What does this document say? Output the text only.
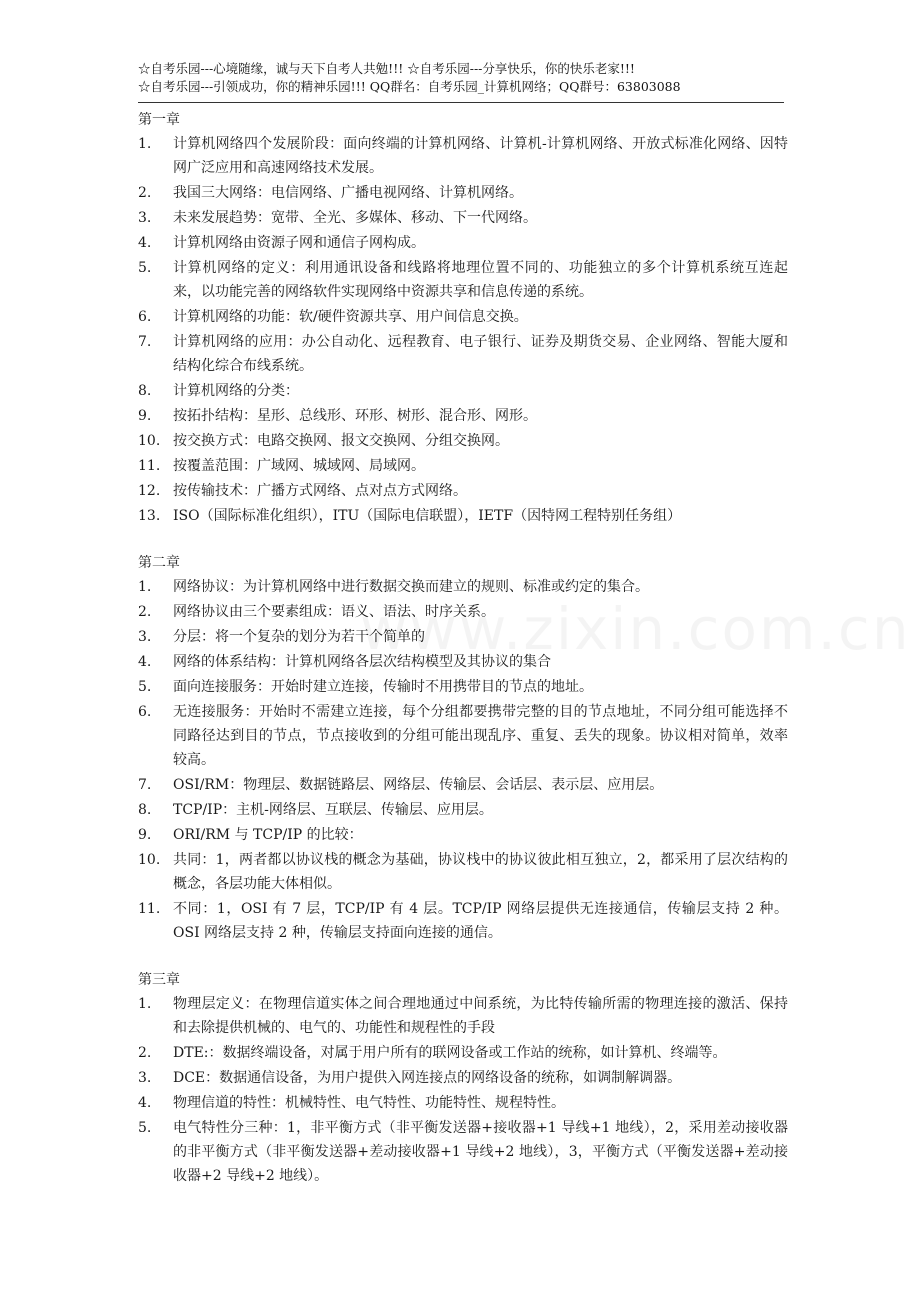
☆自考乐园---心境随缘，诚与天下自考人共勉!!! ☆自考乐园---分享快乐，你的快乐老家!!!
☆自考乐园---引领成功，你的精神乐园!!! QQ群名：自考乐园_计算机网络；QQ群号：63803088
第一章
1.	计算机网络四个发展阶段：面向终端的计算机网络、计算机-计算机网络、开放式标准化网络、因特网广泛应用和高速网络技术发展。
2.	我国三大网络：电信网络、广播电视网络、计算机网络。
3.	未来发展趋势：宽带、全光、多媒体、移动、下一代网络。
4.	计算机网络由资源子网和通信子网构成。
5.	计算机网络的定义：利用通讯设备和线路将地理位置不同的、功能独立的多个计算机系统互连起来，以功能完善的网络软件实现网络中资源共享和信息传递的系统。
6.	计算机网络的功能：软/硬件资源共享、用户间信息交换。
7.	计算机网络的应用：办公自动化、远程教育、电子银行、证券及期货交易、企业网络、智能大厦和结构化综合布线系统。
8.	计算机网络的分类：
9.	按拓扑结构：星形、总线形、环形、树形、混合形、网形。
10. 按交换方式：电路交换网、报文交换网、分组交换网。
11. 按覆盖范围：广域网、城域网、局域网。
12. 按传输技术：广播方式网络、点对点方式网络。
13. ISO（国际标准化组织），ITU（国际电信联盟），IETF（因特网工程特别任务组）
第二章
1.	网络协议：为计算机网络中进行数据交换而建立的规则、标准或约定的集合。
2.	网络协议由三个要素组成：语义、语法、时序关系。
3.	分层：将一个复杂的划分为若干个简单的
4.	网络的体系结构：计算机网络各层次结构模型及其协议的集合
5.	面向连接服务：开始时建立连接，传输时不用携带目的节点的地址。
6.	无连接服务：开始时不需建立连接，每个分组都要携带完整的目的节点地址，不同分组可能选择不同路径达到目的节点，节点接收到的分组可能出现乱序、重复、丢失的现象。协议相对简单，效率较高。
7.	OSI/RM：物理层、数据链路层、网络层、传输层、会话层、表示层、应用层。
8.	TCP/IP：主机-网络层、互联层、传输层、应用层。
9.	ORI/RM 与 TCP/IP 的比较：
10. 共同：1，两者都以协议栈的概念为基础，协议栈中的协议彼此相互独立，2，都采用了层次结构的概念，各层功能大体相似。
11. 不同：1，OSI 有 7 层，TCP/IP 有 4 层。TCP/IP 网络层提供无连接通信，传输层支持 2 种。OSI 网络层支持 2 种，传输层支持面向连接的通信。
第三章
1.	物理层定义：在物理信道实体之间合理地通过中间系统，为比特传输所需的物理连接的激活、保持和去除提供机械的、电气的、功能性和规程性的手段
2.	DTE:：数据终端设备，对属于用户所有的联网设备或工作站的统称，如计算机、终端等。
3.	DCE：数据通信设备，为用户提供入网连接点的网络设备的统称，如调制解调器。
4.	物理信道的特性：机械特性、电气特性、功能特性、规程特性。
5.	电气特性分三种：1，非平衡方式（非平衡发送器+接收器+1 导线+1 地线），2，采用差动接收器的非平衡方式（非平衡发送器+差动接收器+1 导线+2 地线），3，平衡方式（平衡发送器+差动接收器+2 导线+2 地线）。
